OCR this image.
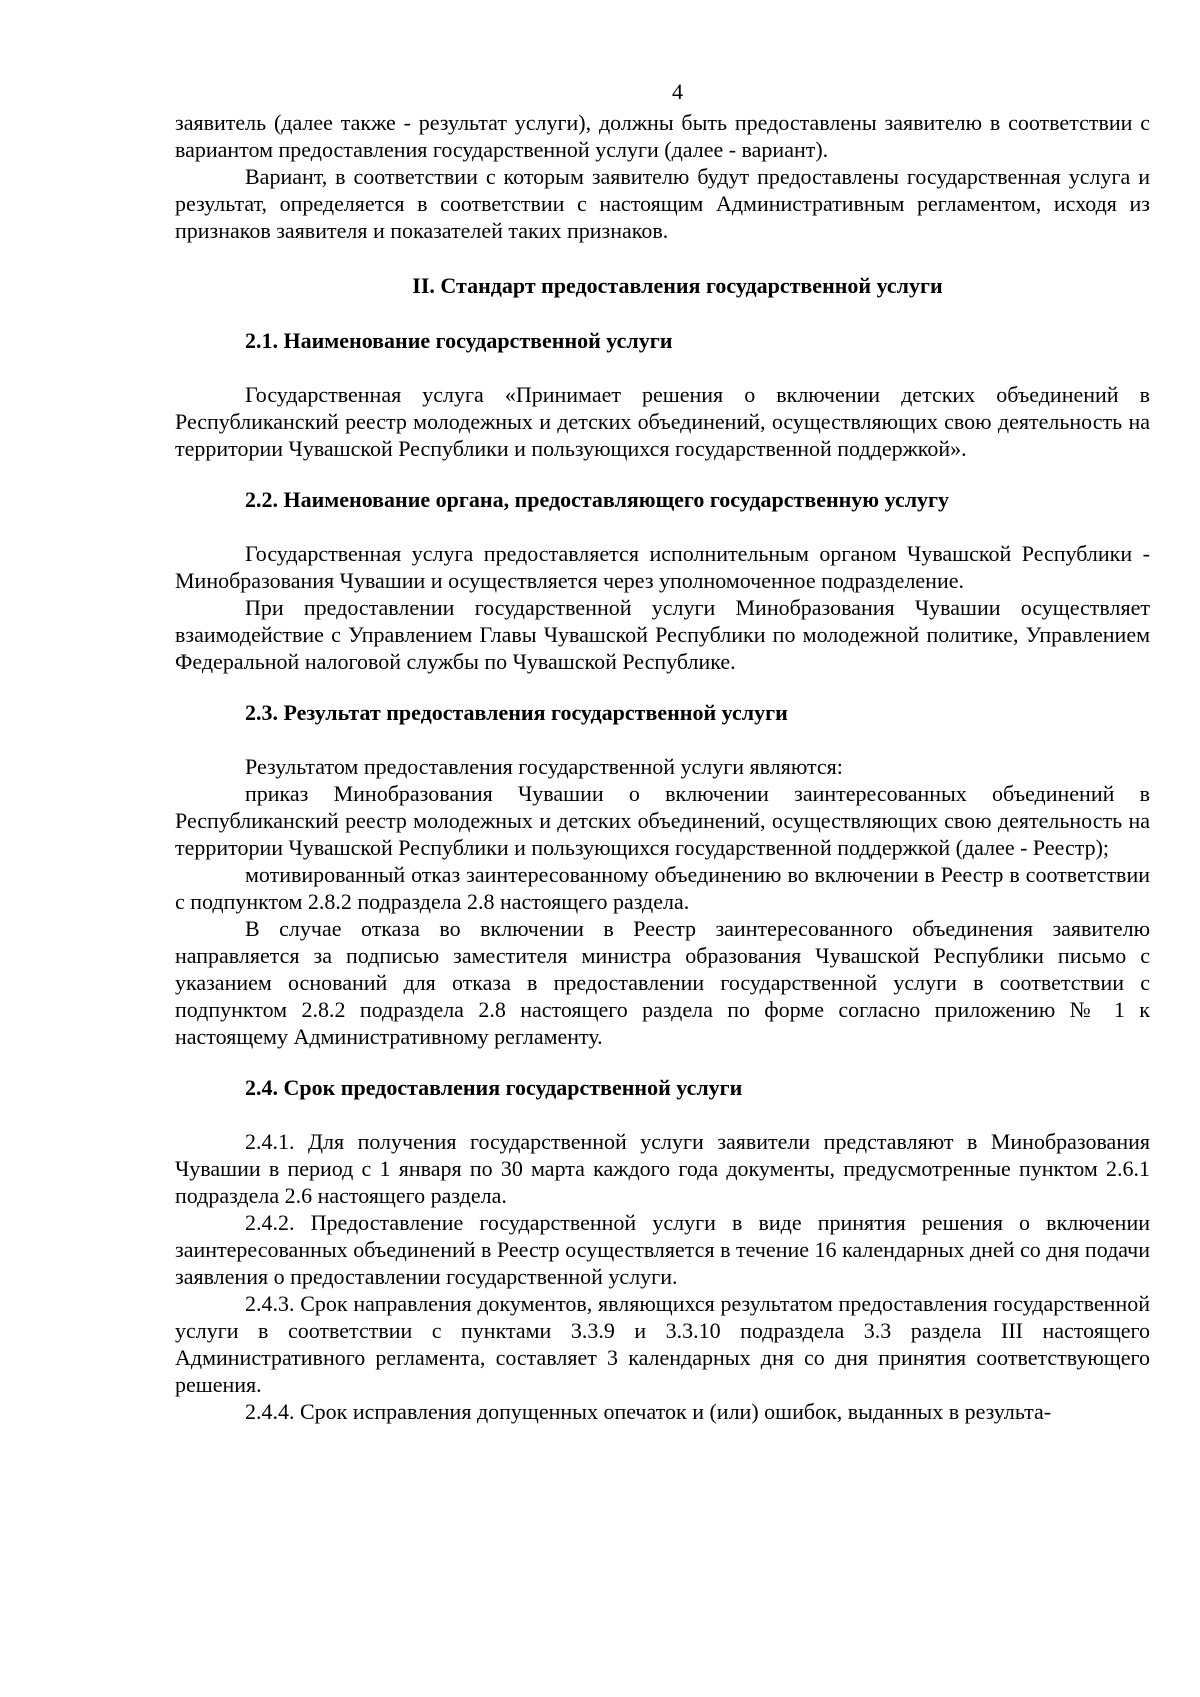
4

заявитель (далее также - результат услуги), должны быть предоставлены заявителю в соответствии с вариантом предоставления государственной услуги (далее - вариант).

Вариант, в соответствии с которым заявителю будут предоставлены государственная услуга и результат, определяется в соответствии с настоящим Административным регламентом, исходя из признаков заявителя и показателей таких признаков.

II. Стандарт предоставления государственной услуги
2.1. Наименование государственной услуги

Государственная услуга «Принимает решения о включении детских объединений в Республиканский реестр молодежных и детских объединений, осуществляющих свою деятельность на территории Чувашской Республики и пользующихся государственной поддержкой».

2.2. Наименование органа, предоставляющего государственную услугу

Государственная услуга предоставляется исполнительным органом Чувашской Республики - Минобразования Чувашии и осуществляется через уполномоченное подразделение.

При предоставлении государственной услуги Минобразования Чувашии осуществляет взаимодействие с Управлением Главы Чувашской Республики по молодежной политике, Управлением Федеральной налоговой службы по Чувашской Республике.

2.3. Результат предоставления государственной услуги

Результатом предоставления государственной услуги являются:

приказ Минобразования Чувашии о включении заинтересованных объединений в Республиканский реестр молодежных и детских объединений, осуществляющих свою деятельность на территории Чувашской Республики и пользующихся государственной поддержкой (далее - Реестр);

мотивированный отказ заинтересованному объединению во включении в Реестр в соответствии с подпунктом 2.8.2 подраздела 2.8 настоящего раздела.

В случае отказа во включении в Реестр заинтересованного объединения заявителю направляется за подписью заместителя министра образования Чувашской Республики письмо с указанием оснований для отказа в предоставлении государственной услуги в соответствии с подпунктом 2.8.2 подраздела 2.8 настоящего раздела по форме согласно приложению № 1 к настоящему Административному регламенту.

2.4. Срок предоставления государственной услуги

2.4.1. Для получения государственной услуги заявители представляют в Минобразования Чувашии в период с 1 января по 30 марта каждого года документы, предусмотренные пунктом 2.6.1 подраздела 2.6 настоящего раздела.

2.4.2. Предоставление государственной услуги в виде принятия решения о включении заинтересованных объединений в Реестр осуществляется в течение 16 календарных дней со дня подачи заявления о предоставлении государственной услуги.

2.4.3. Срок направления документов, являющихся результатом предоставления государственной услуги в соответствии с пунктами 3.3.9 и 3.3.10 подраздела 3.3 раздела III настоящего Административного регламента, составляет 3 календарных дня со дня принятия соответствующего решения.

2.4.4. Срок исправления допущенных опечаток и (или) ошибок, выданных в результа-
